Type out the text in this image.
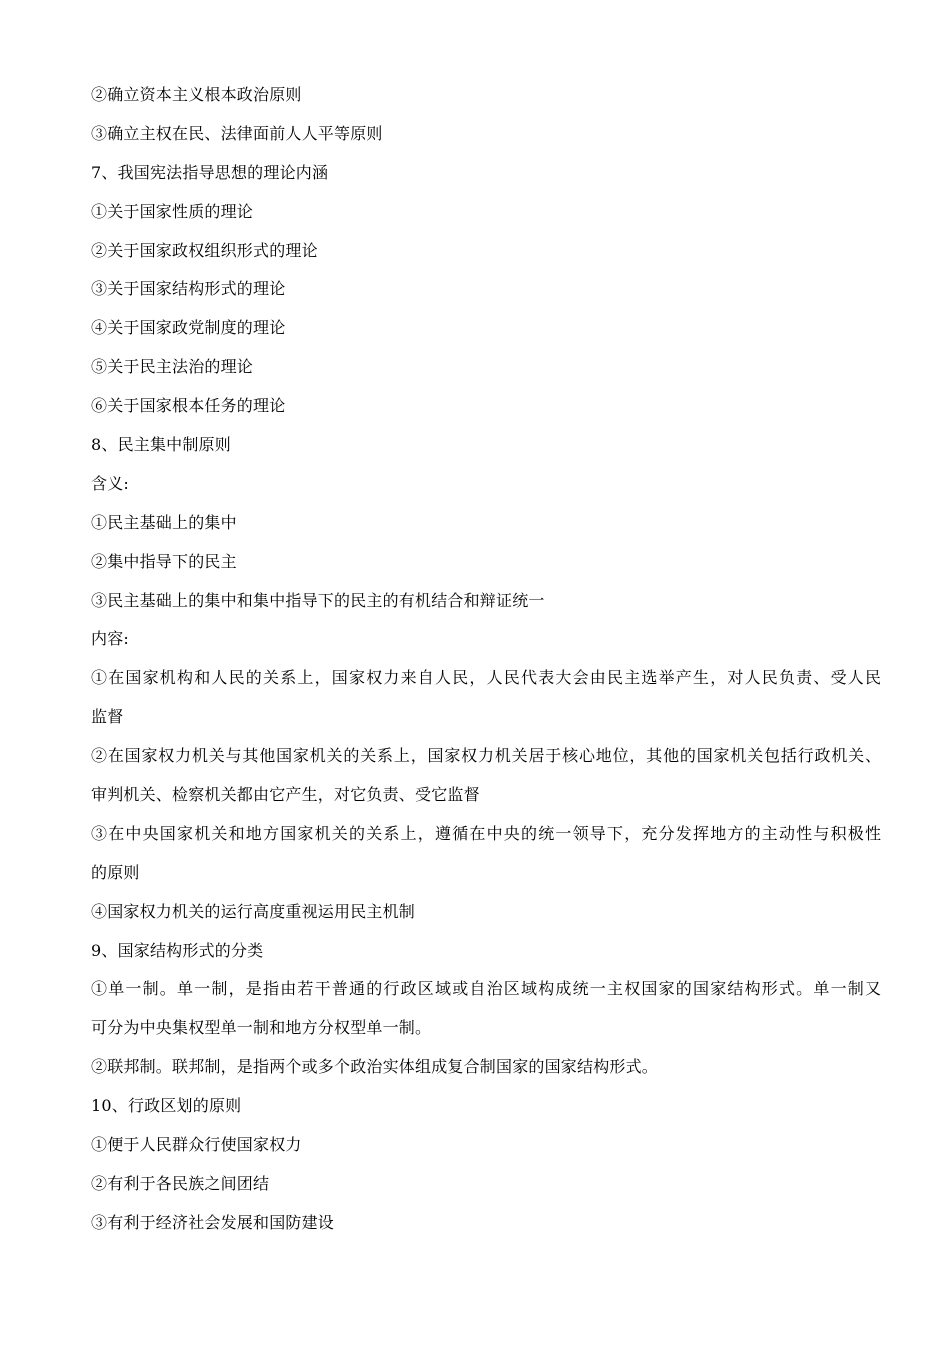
②确立资本主义根本政治原则
③确立主权在民、法律面前人人平等原则
7、我国宪法指导思想的理论内涵
①关于国家性质的理论
②关于国家政权组织形式的理论
③关于国家结构形式的理论
④关于国家政党制度的理论
⑤关于民主法治的理论
⑥关于国家根本任务的理论
8、民主集中制原则
含义:
①民主基础上的集中
②集中指导下的民主
③民主基础上的集中和集中指导下的民主的有机结合和辩证统一
内容:
①在国家机构和人民的关系上，国家权力来自人民，人民代表大会由民主选举产生，对人民负责、受人民
监督
②在国家权力机关与其他国家机关的关系上，国家权力机关居于核心地位，其他的国家机关包括行政机关、
审判机关、检察机关都由它产生，对它负责、受它监督
③在中央国家机关和地方国家机关的关系上，遵循在中央的统一领导下，充分发挥地方的主动性与积极性
的原则
④国家权力机关的运行高度重视运用民主机制
9、国家结构形式的分类
①单一制。单一制，是指由若干普通的行政区域或自治区域构成统一主权国家的国家结构形式。单一制又
可分为中央集权型单一制和地方分权型单一制。
②联邦制。联邦制，是指两个或多个政治实体组成复合制国家的国家结构形式。
10、行政区划的原则
①便于人民群众行使国家权力
②有利于各民族之间团结
③有利于经济社会发展和国防建设
